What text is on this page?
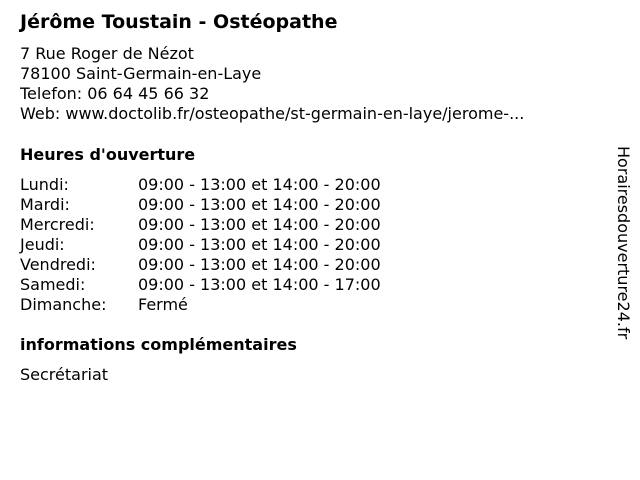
Jérôme Toustain - Ostéopathe
7 Rue Roger de Nézot
78100 Saint-Germain-en-Laye
Telefon: 06 64 45 66 32
Web: www.doctolib.fr/osteopathe/st-germain-en-laye/jerome-...
Heures d'ouverture
Lundi:	09:00 - 13:00 et 14:00 - 20:00
Mardi:	09:00 - 13:00 et 14:00 - 20:00
Mercredi:	09:00 - 13:00 et 14:00 - 20:00
Jeudi:	09:00 - 13:00 et 14:00 - 20:00
Vendredi:	09:00 - 13:00 et 14:00 - 20:00
Samedi:	09:00 - 13:00 et 14:00 - 17:00
Dimanche:	Fermé
informations complémentaires
Secrétariat
Horairesdouverture24.fr
